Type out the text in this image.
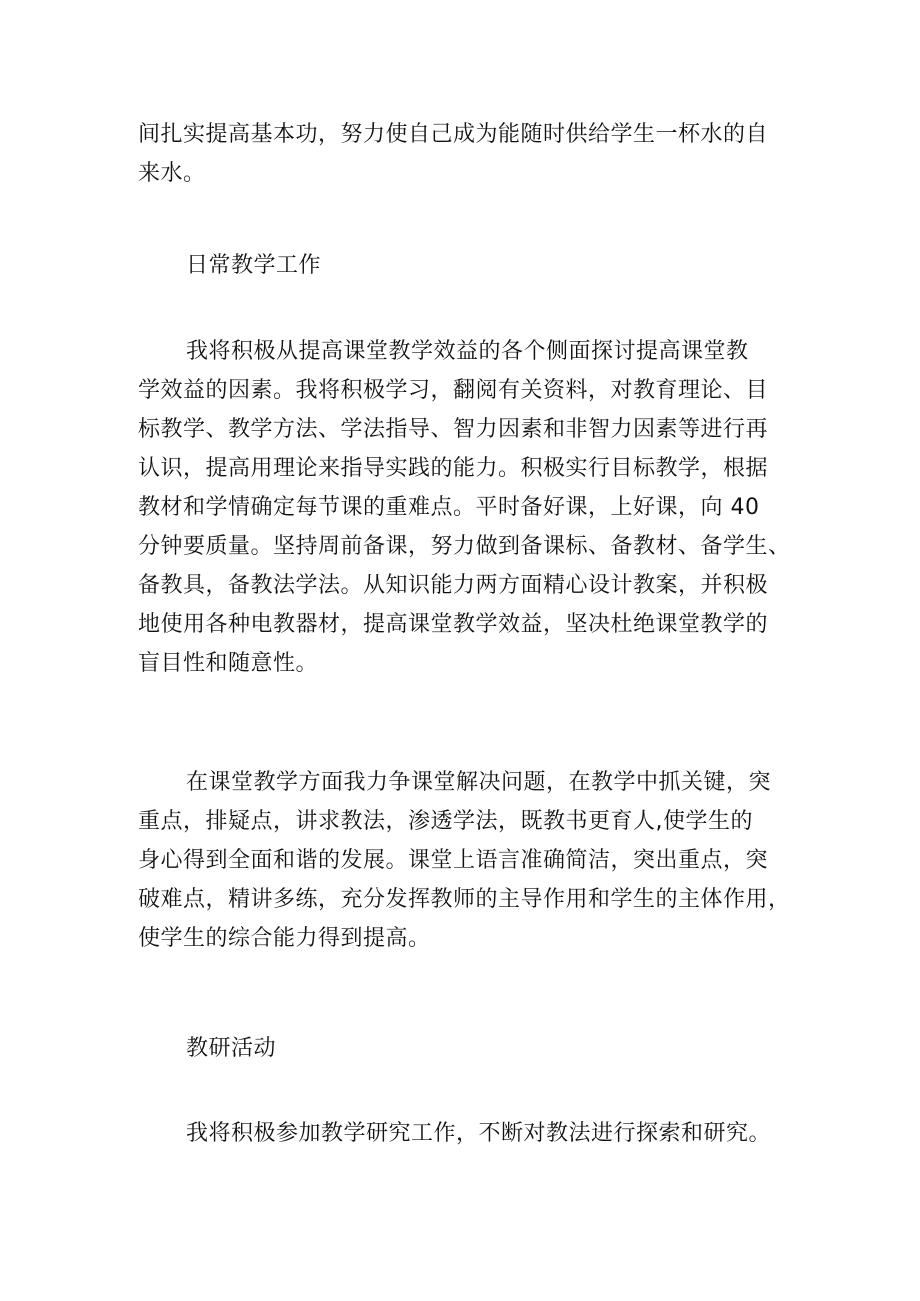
间扎实提高基本功，努力使自己成为能随时供给学生一杯水的自
来水。

日常教学工作

我将积极从提高课堂教学效益的各个侧面探讨提高课堂教
学效益的因素。我将积极学习，翻阅有关资料，对教育理论、目
标教学、教学方法、学法指导、智力因素和非智力因素等进行再
认识，提高用理论来指导实践的能力。积极实行目标教学，根据
教材和学情确定每节课的重难点。平时备好课，上好课，向 40
分钟要质量。坚持周前备课，努力做到备课标、备教材、备学生、
备教具，备教法学法。从知识能力两方面精心设计教案，并积极
地使用各种电教器材，提高课堂教学效益，坚决杜绝课堂教学的
盲目性和随意性。

在课堂教学方面我力争课堂解决问题，在教学中抓关键，突
重点，排疑点，讲求教法，渗透学法，既教书更育人,使学生的
身心得到全面和谐的发展。课堂上语言准确简洁，突出重点，突
破难点，精讲多练，充分发挥教师的主导作用和学生的主体作用，
使学生的综合能力得到提高。

教研活动

我将积极参加教学研究工作，不断对教法进行探索和研究。
